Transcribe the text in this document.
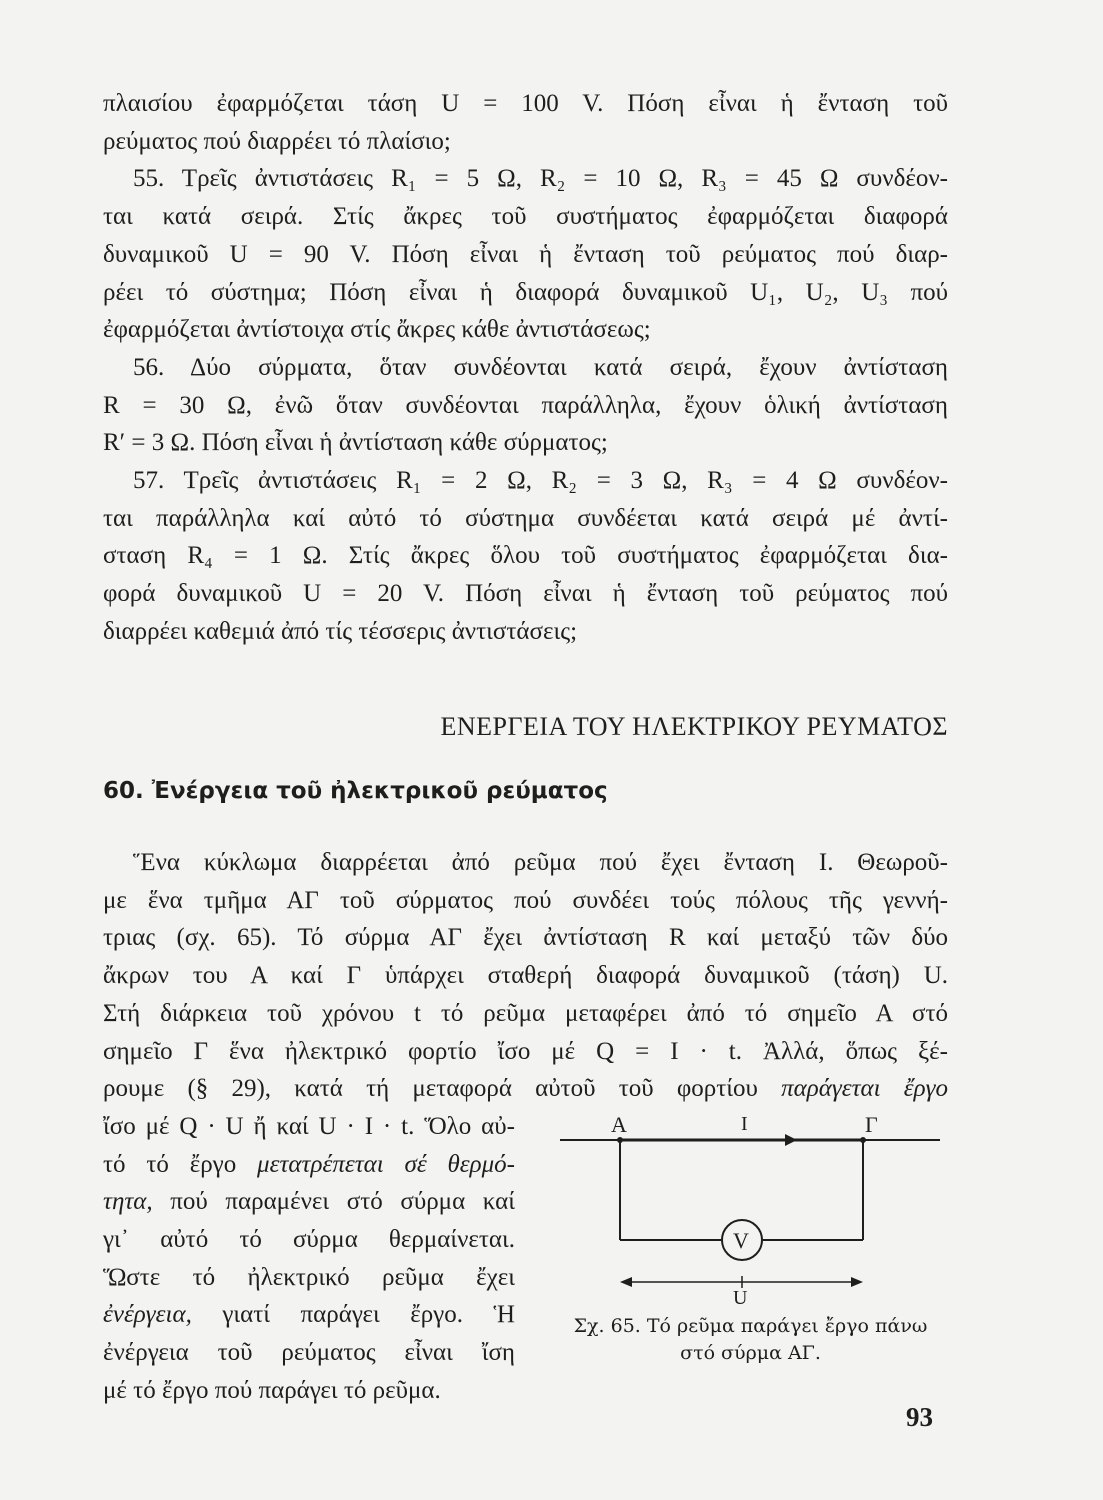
πλαισίου ἐφαρμόζεται τάση U = 100 V. Πόση εἶναι ἡ ἔνταση τοῦ
ρεύματος πού διαρρέει τό πλαίσιο;

55. Τρεῖς ἀντιστάσεις R₁ = 5 Ω, R₂ = 10 Ω, R₃ = 45 Ω συνδέον-
ται κατά σειρά. Στίς ἄκρες τοῦ συστήματος ἐφαρμόζεται διαφορά
δυναμικοῦ U = 90 V. Πόση εἶναι ἡ ἔνταση τοῦ ρεύματος πού διαρ-
ρέει τό σύστημα; Πόση εἶναι ἡ διαφορά δυναμικοῦ U₁, U₂, U₃ πού
ἐφαρμόζεται ἀντίστοιχα στίς ἄκρες κάθε ἀντιστάσεως;

56. Δύο σύρματα, ὅταν συνδέονται κατά σειρά, ἔχουν ἀντίσταση
R = 30 Ω, ἐνῶ ὅταν συνδέονται παράλληλα, ἔχουν ὁλική ἀντίσταση
R′ = 3 Ω. Πόση εἶναι ἡ ἀντίσταση κάθε σύρματος;

57. Τρεῖς ἀντιστάσεις R₁ = 2 Ω, R₂ = 3 Ω, R₃ = 4 Ω συνδέον-
ται παράλληλα καί αὐτό τό σύστημα συνδέεται κατά σειρά μέ ἀντί-
σταση R₄ = 1 Ω. Στίς ἄκρες ὅλου τοῦ συστήματος ἐφαρμόζεται δια-
φορά δυναμικοῦ U = 20 V. Πόση εἶναι ἡ ἔνταση τοῦ ρεύματος πού
διαρρέει καθεμιά ἀπό τίς τέσσερις ἀντιστάσεις;

ΕΝΕΡΓΕΙΑ ΤΟΥ ΗΛΕΚΤΡΙΚΟΥ ΡΕΥΜΑΤΟΣ
60. Ἐνέργεια τοῦ ἠλεκτρικοῦ ρεύματος
Ἕνα κύκλωμα διαρρέεται ἀπό ρεῦμα πού ἔχει ἔνταση I. Θεωροῦ-
με ἕνα τμῆμα ΑΓ τοῦ σύρματος πού συνδέει τούς πόλους τῆς γεννή-
τριας (σχ. 65). Τό σύρμα ΑΓ ἔχει ἀντίσταση R καί μεταξύ τῶν δύο
ἄκρων του Α καί Γ ὑπάρχει σταθερή διαφορά δυναμικοῦ (τάση) U.
Στή διάρκεια τοῦ χρόνου t τό ρεῦμα μεταφέρει ἀπό τό σημεῖο Α στό
σημεῖο Γ ἕνα ἠλεκτρικό φορτίο ἴσο μέ Q = I · t. Ἀλλά, ὅπως ξέ-
ρουμε (§ 29), κατά τή μεταφορά αὐτοῦ τοῦ φορτίου παράγεται ἔργο
ἴσο μέ Q · U ἤ καί U · I · t. Ὅλο αὐ-
τό τό ἔργο μετατρέπεται σέ θερμό-
τητα, πού παραμένει στό σύρμα καί
γι᾽ αὐτό τό σύρμα θερμαίνεται.
Ὥστε τό ἠλεκτρικό ρεῦμα ἔχει
ἐνέργεια, γιατί παράγει ἔργο. Ἡ
ἐνέργεια τοῦ ρεύματος εἶναι ἴση
μέ τό ἔργο πού παράγει τό ρεῦμα.
Α	Γ
I
V
U
Σχ. 65. Τό ρεῦμα παράγει ἔργο πάνω
στό σύρμα ΑΓ.
93
